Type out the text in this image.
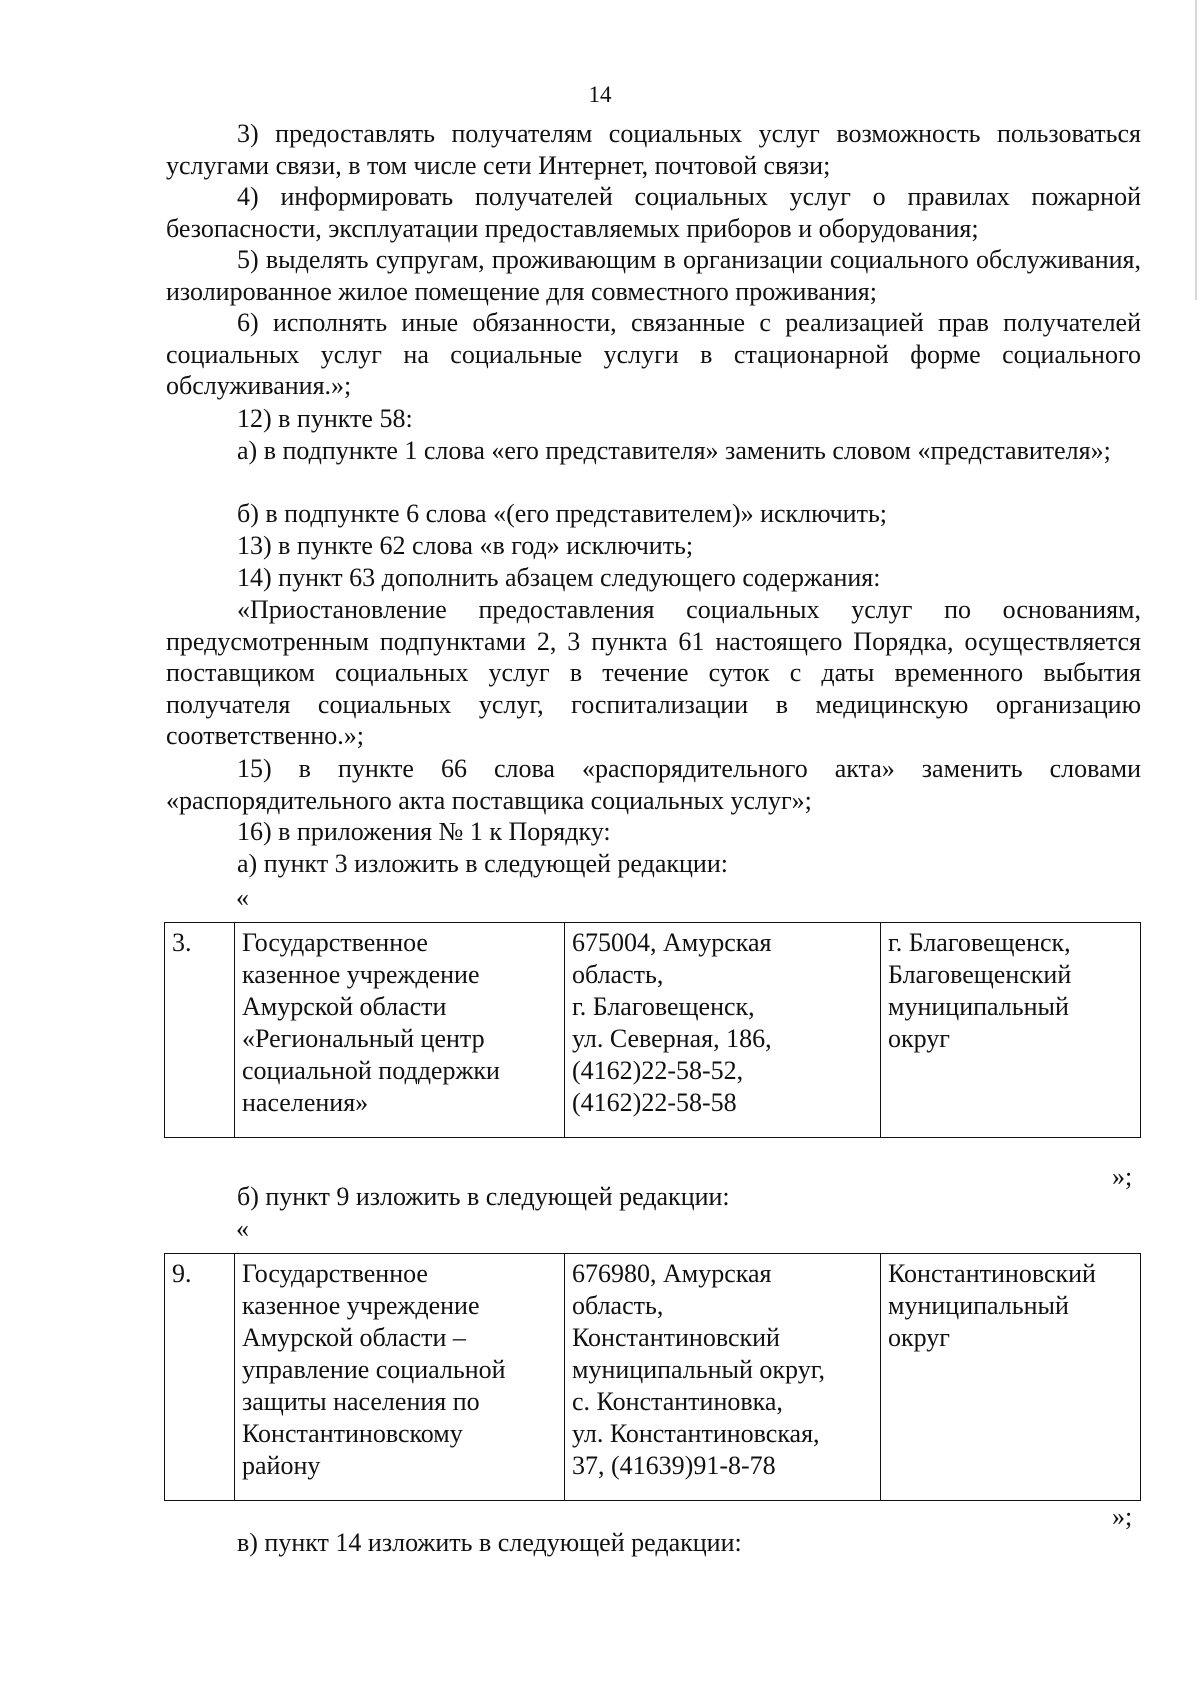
14
3) предоставлять получателям социальных услуг возможность пользоваться услугами связи, в том числе сети Интернет, почтовой связи;
4) информировать получателей социальных услуг о правилах пожарной безопасности, эксплуатации предоставляемых приборов и оборудования;
5) выделять супругам, проживающим в организации социального обслуживания, изолированное жилое помещение для совместного проживания;
6) исполнять иные обязанности, связанные с реализацией прав получателей социальных услуг на социальные услуги в стационарной форме социального обслуживания.»;
12) в пункте 58:
а) в подпункте 1 слова «его представителя» заменить словом «представителя»;
б) в подпункте 6 слова «(его представителем)» исключить;
13) в пункте 62 слова «в год» исключить;
14) пункт 63 дополнить абзацем следующего содержания:
«Приостановление предоставления социальных услуг по основаниям, предусмотренным подпунктами 2, 3 пункта 61 настоящего Порядка, осуществляется поставщиком социальных услуг в течение суток с даты временного выбытия получателя социальных услуг, госпитализации в медицинскую организацию соответственно.»;
15) в пункте 66 слова «распорядительного акта» заменить словами «распорядительного акта поставщика социальных услуг»;
16) в приложения № 1 к Порядку:
а) пункт 3 изложить в следующей редакции:
«
3.	Государственное
казенное учреждение
Амурской области
«Региональный центр
социальной поддержки
населения»	675004, Амурская
область,
г. Благовещенск,
ул. Северная, 186,
(4162)22-58-52,
(4162)22-58-58	г. Благовещенск,
Благовещенский
муниципальный
округ
»;
б) пункт 9 изложить в следующей редакции:
«
9.	Государственное
казенное учреждение
Амурской области –
управление социальной
защиты населения по
Константиновскому
району	676980, Амурская
область,
Константиновский
муниципальный округ,
с. Константиновка,
ул. Константиновская,
37, (41639)91-8-78	Константиновский
муниципальный
округ
»;
в) пункт 14 изложить в следующей редакции:
